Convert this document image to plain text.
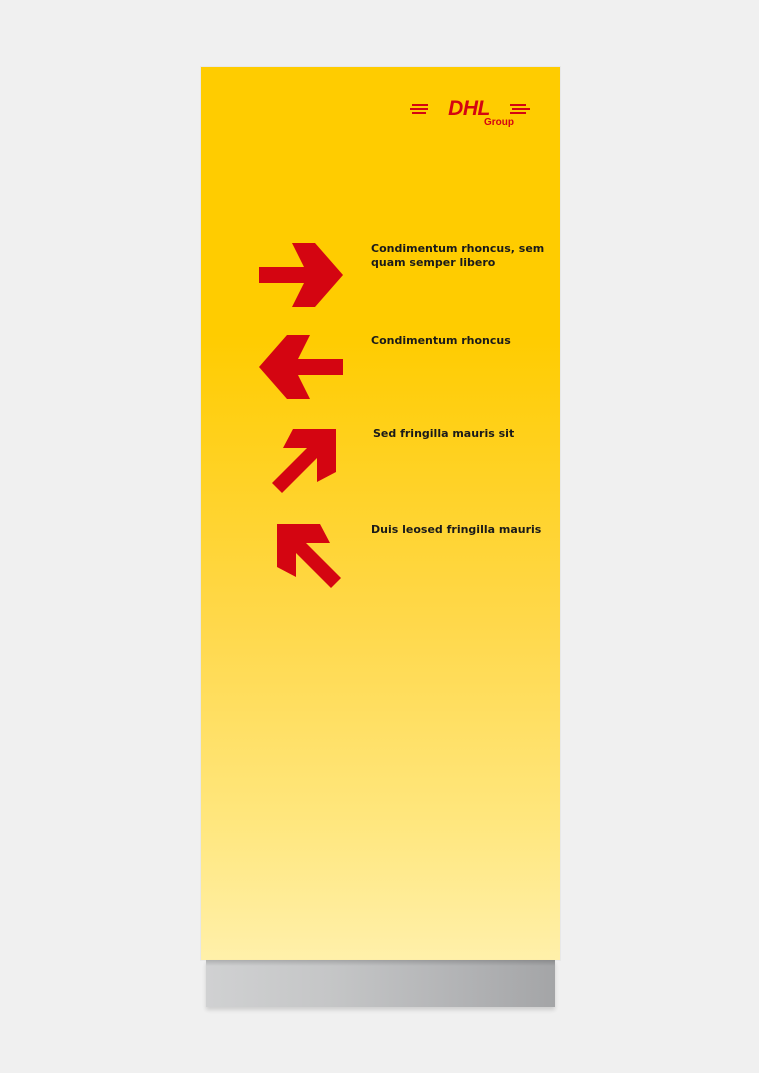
DHL
Group
Condimentum rhoncus, sem
quam semper libero
Condimentum rhoncus
Sed fringilla mauris sit
Duis leosed fringilla mauris
